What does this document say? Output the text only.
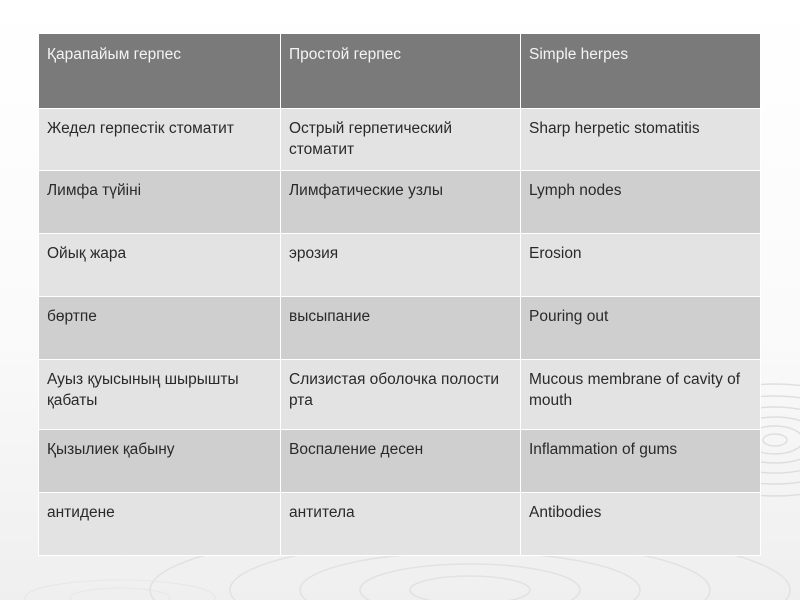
Қарапайым герпес	Простой герпес	Simple herpes
Жедел герпестік стоматит	Острый герпетический стоматит	Sharp herpetic stomatitis
Лимфа түйіні	Лимфатические узлы	Lymph nodes
Ойық жара	эрозия	Erosion
бөртпе	высыпание	Pouring out
Ауыз қуысының шырышты қабаты	Слизистая оболочка полости рта	Mucous membrane of cavity of mouth
Қызылиек қабыну	Воспаление десен	Inflammation of gums
антидене	антитела	Antibodies
